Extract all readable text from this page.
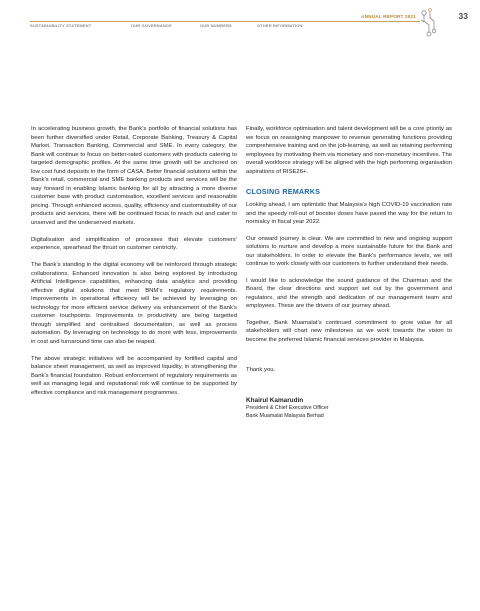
ANNUAL REPORT 2021
SUSTAINABILITY STATEMENT	OUR GOVERNANCE	OUR NUMBERS	OTHER INFORMATION
33

In accelerating business growth, the Bank’s portfolio of financial solutions has been further diversified under Retail, Corporate Banking, Treasury & Capital Market, Transaction Banking, Commercial and SME. In every category, the Bank will continue to focus on better-rated customers with products catering to targeted demographic profiles. At the same time growth will be anchored on low cost fund deposits in the form of CASA. Better financial solutions within the Bank’s retail, commercial and SME banking products and services will be the way forward in enabling Islamic banking for all by attracting a more diverse customer base with product customisation, excellent services and reasonable pricing. Through enhanced access, quality, efficiency and customisability of our products and services, there will be continued focus to reach out and cater to unserved and the underserved markets.

Digitalisation and simplification of processes that elevate customers’ experience, spearhead the thrust on customer centricity.

The Bank’s standing in the digital economy will be reinforced through strategic collaborations. Enhanced innovation is also being explored by introducing Artificial Intelligence capabilities, enhancing data analytics and providing effective digital solutions that meet BNM’s regulatory requirements. Improvements in operational efficiency will be achieved by leveraging on technology for more efficient service delivery via enhancement of the Bank’s customer touchpoints. Improvements in productivity are being targetted through simplified and centralised documentation, as well as process automation. By leveraging on technology to do more with less, improvements in cost and turnaround time can also be reaped.

The above strategic initiatives will be accompanied by fortified capital and balance sheet management, as well as improved liquidity, in strengthening the Bank’s financial foundation. Robust enforcement of regulatory requirements as well as managing legal and reputational risk will continue to be supported by effective compliance and risk management programmes.

Finally, workforce optimisation and talent development will be a core priority as we focus on reassigning manpower to revenue generating functions providing comprehensive training and on the job-learning, as well as retaining performing employees by motivating them via monetary and non-monetary incentives. The overall workforce strategy will be aligned with the high performing organisation aspirations of RISE26+.

CLOSING REMARKS

Looking ahead, I am optimistic that Malaysia’s high COVID-19 vaccination rate and the speedy roll-out of booster doses have paved the way for the return to normalcy in fiscal year 2022.

Our onward journey is clear. We are committed to new and ongoing support solutions to nurture and develop a more sustainable future for the Bank and our stakeholders. In order to elevate the Bank’s performance levels, we will continue to work closely with our customers to further understand their needs.

I would like to acknowledge the sound guidance of the Chairman and the Board, the clear directions and support set out by the government and regulators, and the strength and dedication of our management team and employees. These are the drivers of our journey ahead.

Together, Bank Muamalat’s continued commitment to grow value for all stakeholders will chart new milestones as we work towards the vision to become the preferred Islamic financial services provider in Malaysia.

Thank you.

Khairul Kamarudin
President & Chief Executive Officer
Bank Muamalat Malaysia Berhad
